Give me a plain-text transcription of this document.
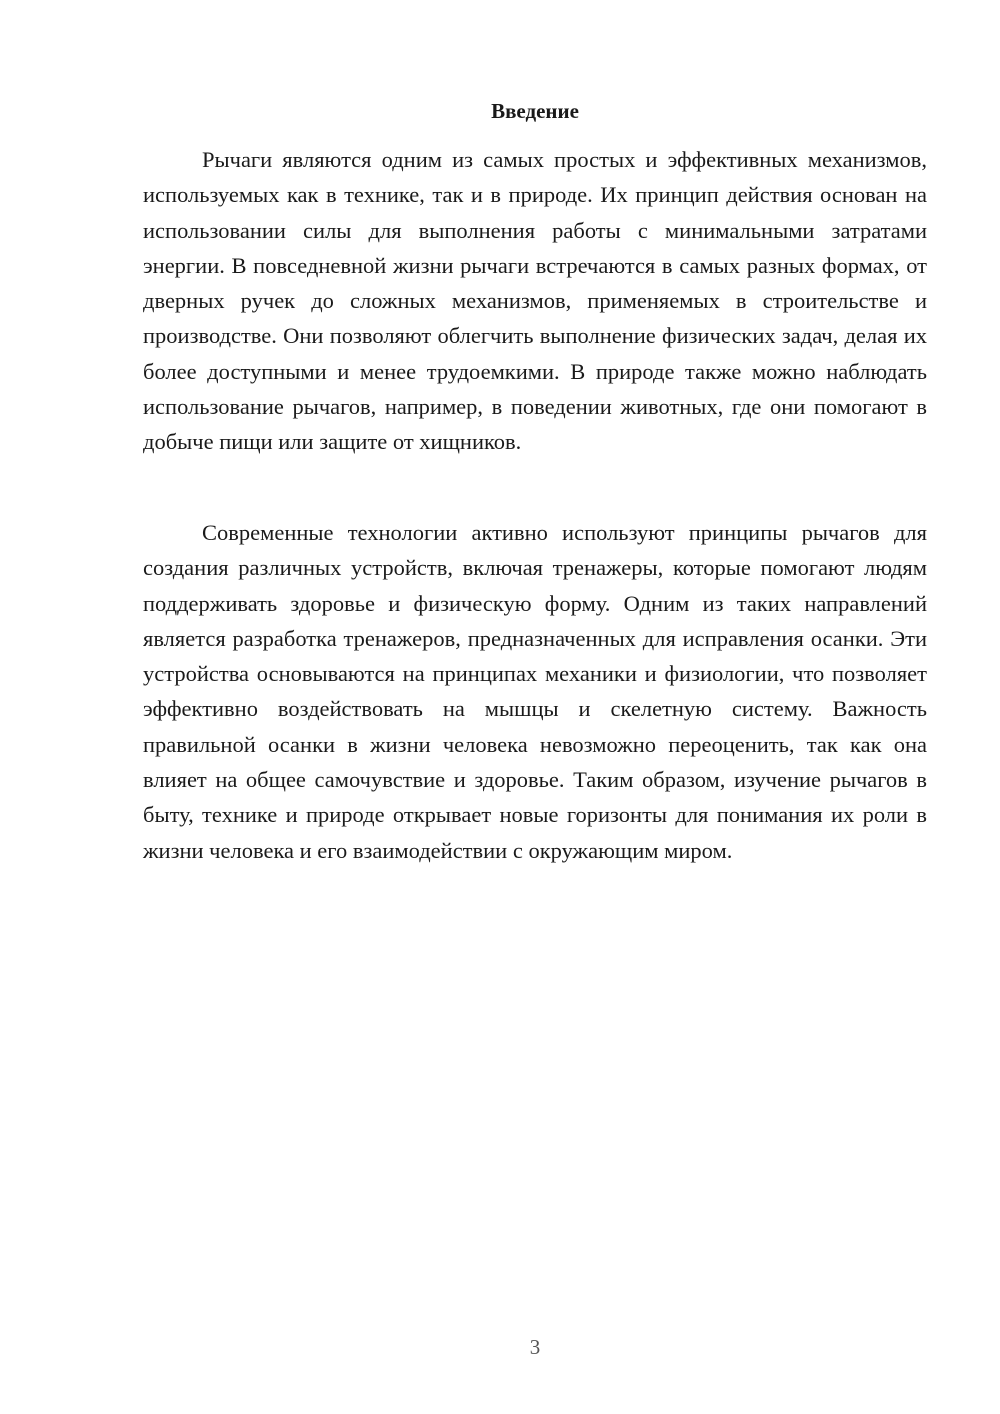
Введение

Рычаги являются одним из самых простых и эффективных механизмов, используемых как в технике, так и в природе. Их принцип действия основан на использовании силы для выполнения работы с минимальными затратами энергии. В повседневной жизни рычаги встречаются в самых разных формах, от дверных ручек до сложных механизмов, применяемых в строительстве и производстве. Они позволяют облегчить выполнение физических задач, делая их более доступными и менее трудоемкими. В природе также можно наблюдать использование рычагов, например, в поведении животных, где они помогают в добыче пищи или защите от хищников.

Современные технологии активно используют принципы рычагов для создания различных устройств, включая тренажеры, которые помогают людям поддерживать здоровье и физическую форму. Одним из таких направлений является разработка тренажеров, предназначенных для исправления осанки. Эти устройства основываются на принципах механики и физиологии, что позволяет эффективно воздействовать на мышцы и скелетную систему. Важность правильной осанки в жизни человека невозможно переоценить, так как она влияет на общее самочувствие и здоровье. Таким образом, изучение рычагов в быту, технике и природе открывает новые горизонты для понимания их роли в жизни человека и его взаимодействии с окружающим миром.

3
